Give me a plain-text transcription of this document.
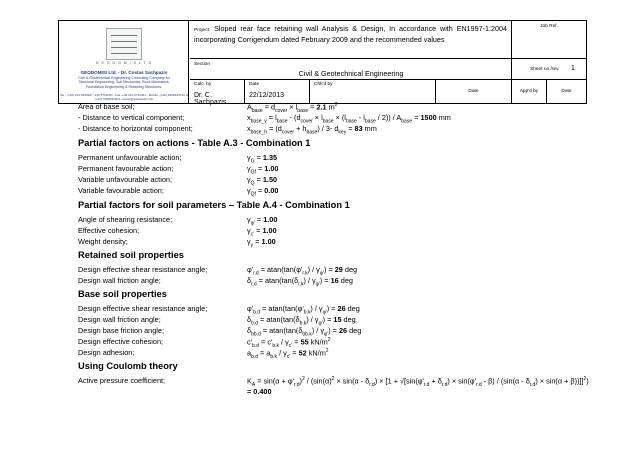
G E O D O M I S L T D
GEODOMISI Ltd. - Dr. Costas Sachpazis
Civil & Geotechnical Engineering Consulting Company for
Structural Engineering, Soil Mechanics, Rock Mechanics,
Foundation Engineering & Retaining Structures.
Tel.: (+30) 210 5238127, 210 5711263 - Fax.:+30 210 5711461 - Mobile: (+30) 6936425722 & (+44) 7585939944, costas@sachpazis.info
Project: Sloped rear face retaining wall Analysis & Design, In accordance with EN1997-1:2004 incorporating Corrigendum dated February 2009 and the recommended values
Job Ref.
Section
Civil & Geotechnical Engineering	Sheet no./rev. 1
Calc. by
Dr. C. Sachpazis
Date
22/12/2013
Chk'd by
Date	App'd by	Date
Area of base soil;	$A_{base} = d_{cover} \times l_{base} = 2.1$ $m^2$
- Distance to vertical component;	$x_{base\_v} = l_{base} - (d_{cover} \times l_{base} \times (l_{base} - l_{base} / 2)) / A_{base} = 1500$ mm
- Distance to horizontal component;	$x_{base\_h} = (d_{cover} + h_{base}) / 3-$ $d_{key} = 83$ mm
Partial factors on actions - Table A.3 - Combination 1
Permanent unfavourable action;	$\gamma_G = 1.35$
Permanent favourable action;	$\gamma_{Gf} = 1.00$
Variable unfavourable action;	$\gamma_Q = 1.50$
Variable favourable action;	$\gamma_{Qf} = 0.00$
Partial factors for soil parameters – Table A.4 - Combination 1
Angle of shearing resistance;	$\gamma_{\varphi'} = 1.00$
Effective cohesion;	$\gamma_{c'} = 1.00$
Weight density;	$\gamma_\gamma = 1.00$
Retained soil properties
Design effective shear resistance angle;	$\varphi'_{r.d} = atan(\tan(\varphi'_{r.k}) / \gamma_{\varphi'}) = 29$ deg
Design wall friction angle;	$\delta_{r.d} = atan(\tan(\delta_{r.k}) / \gamma_{\varphi'}) = 16$ deg
Base soil properties
Design effective shear resistance angle;	$\varphi'_{b.d} = atan(\tan(\varphi'_{b.k}) / \gamma_{\varphi'}) = 26$ deg
Design wall friction angle;	$\delta_{b.d} = atan(\tan(\delta_{b.k}) / \gamma_{\varphi'}) = 15$ deg
Design base friction angle;	$\delta_{bb.d} = atan(\tan(\delta_{bb.k}) / \gamma_{\varphi'}) = 26$ deg
Design effective cohesion;	$c'_{b.d} = c'_{b.k} / \gamma_{c'} = 55$ $kN/m^2$
Design adhesion;	$a_{b.d} = a_{b.k} / \gamma_{c'} = 52$ $kN/m^2$
Using Coulomb theory
Active pressure coefficient;	$K_A = \sin(\alpha + \varphi'_{r.d})^2 / (\sin(\alpha)^2 \times \sin(\alpha - \delta_{r.d}) \times [1 + √[\sin(\varphi'_{r.d} + \delta_{r.d}) \times \sin(\varphi'_{r.d} - \beta) / (\sin(\alpha - \delta_{r.d}) \times \sin(\alpha + \beta))]]^2)$
= 0.400
